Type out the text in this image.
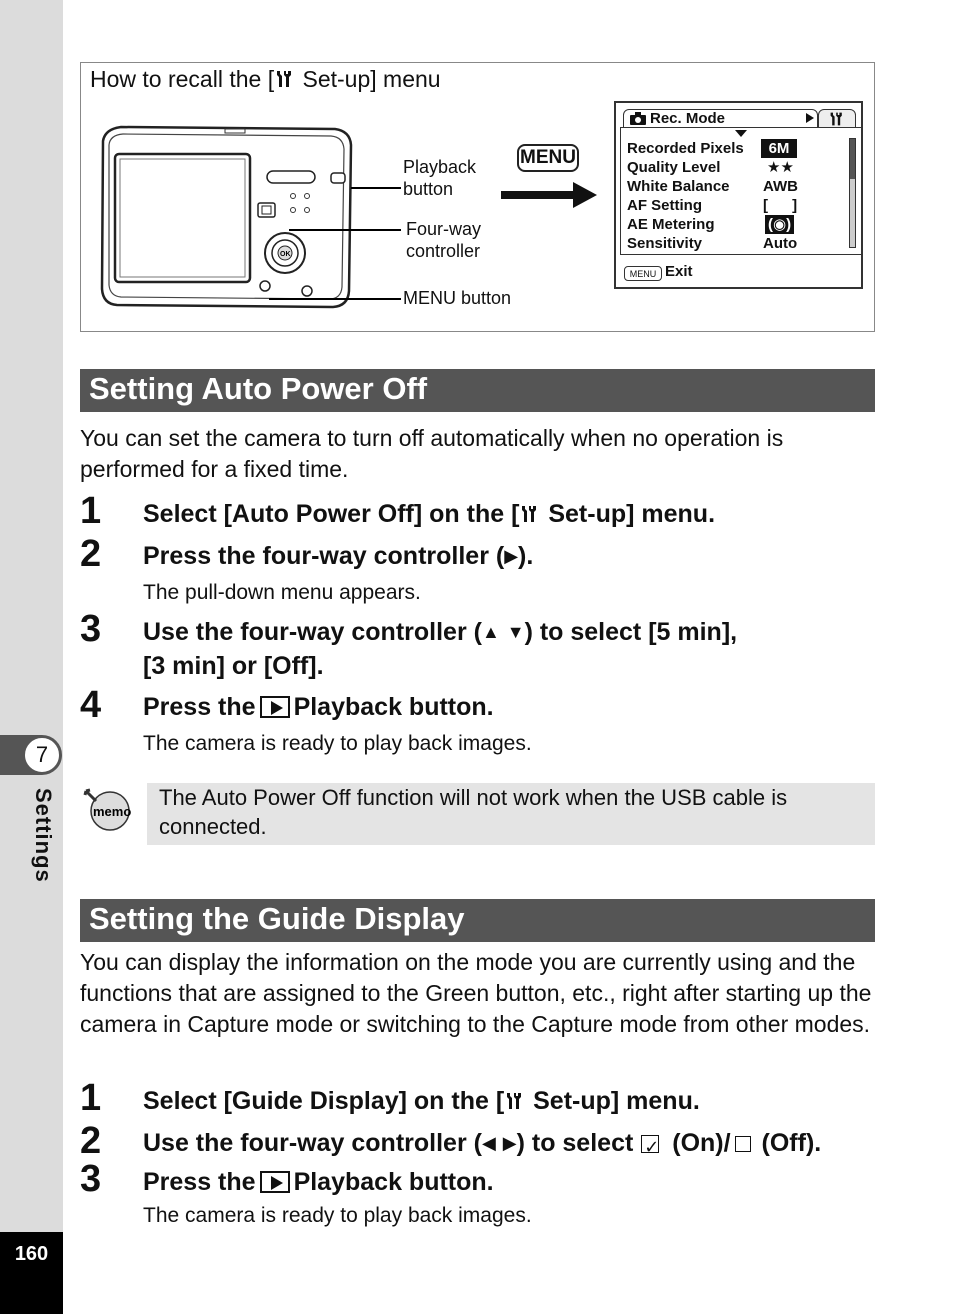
7
Settings
160
How to recall the [ Set-up] menu
OK
Playback button
Four-way controller
MENU button
MENU
Rec. Mode
Recorded Pixels	6M
Quality Level	★★
White Balance AWB
AF Setting	[ ]
AE Metering	(◉)
Sensitivity	Auto
MENU Exit
Setting Auto Power Off
You can set the camera to turn off automatically when no operation is performed for a fixed time.
1 Select [Auto Power Off] on the [ Set-up] menu.
2 Press the four-way controller (▶).
The pull-down menu appears.
3 Use the four-way controller (▲ ▼) to select [5 min],
[3 min] or [Off].
4 Press the Playback button.
The camera is ready to play back images.
memo
The Auto Power Off function will not work when the USB cable is connected.
Setting the Guide Display
You can display the information on the mode you are currently using and the functions that are assigned to the Green button, etc., right after starting up the camera in Capture mode or switching to the Capture mode from other modes.
1 Select [Guide Display] on the [ Set-up] menu.
2 Use the four-way controller (◀ ▶) to select✓ (On)/ (Off).
3 Press the Playback button.
The camera is ready to play back images.
